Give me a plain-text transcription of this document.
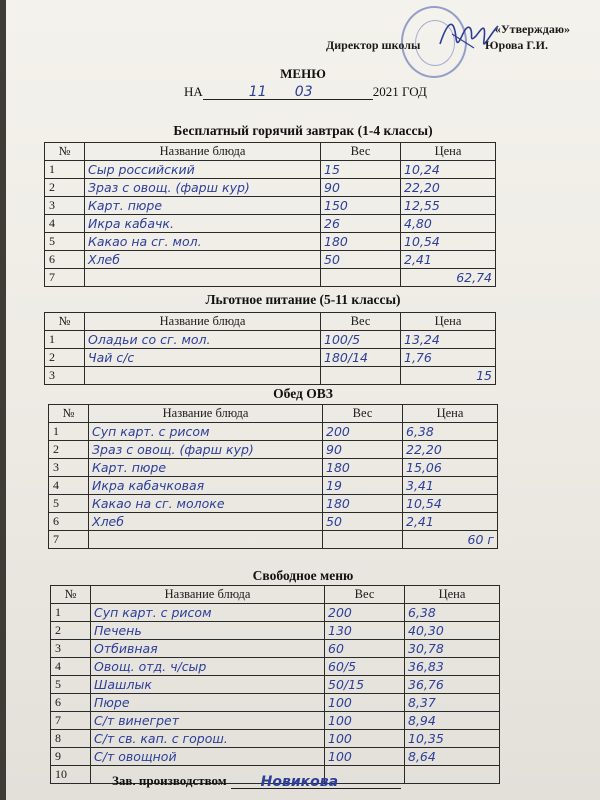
«Утверждаю»
Директор школы	Юрова Г.И.
МЕНЮ
НА	11 03	2021 ГОД
Бесплатный горячий завтрак (1-4 классы)
№	Название блюда	Вес	Цена
1	Сыр российский	15	10,24
2	Зраз с овощ. (фарш кур)	90	22,20
3	Карт. пюре	150	12,55
4	Икра кабачк.	26	4,80
5	Какао на сг. мол.	180	10,54
6	Хлеб	50	2,41
7			62,74
Льготное питание (5-11 классы)
№	Название блюда	Вес	Цена
1	Оладьи со сг. мол.	100/5	13,24
2	Чай с/с	180/14	1,76
3			15
Обед ОВЗ
№	Название блюда	Вес	Цена
1	Суп карт. с рисом	200	6,38
2	Зраз с овощ. (фарш кур)	90	22,20
3	Карт. пюре	180	15,06
4	Икра кабачковая	19	3,41
5	Какао на сг. молоке	180	10,54
6	Хлеб	50	2,41
7			60 г
Свободное меню
№	Название блюда	Вес	Цена
1	Суп карт. с рисом	200	6,38
2	Печень	130	40,30
3	Отбивная	60	30,78
4	Овощ. отд. ч/сыр	60/5	36,83
5	Шашлык	50/15	36,76
6	Пюре	100	8,37
7	С/т винегрет	100	8,94
8	С/т св. кап. с горош.	100	10,35
9	С/т овощной	100	8,64
10				Зав. производством Новикова
